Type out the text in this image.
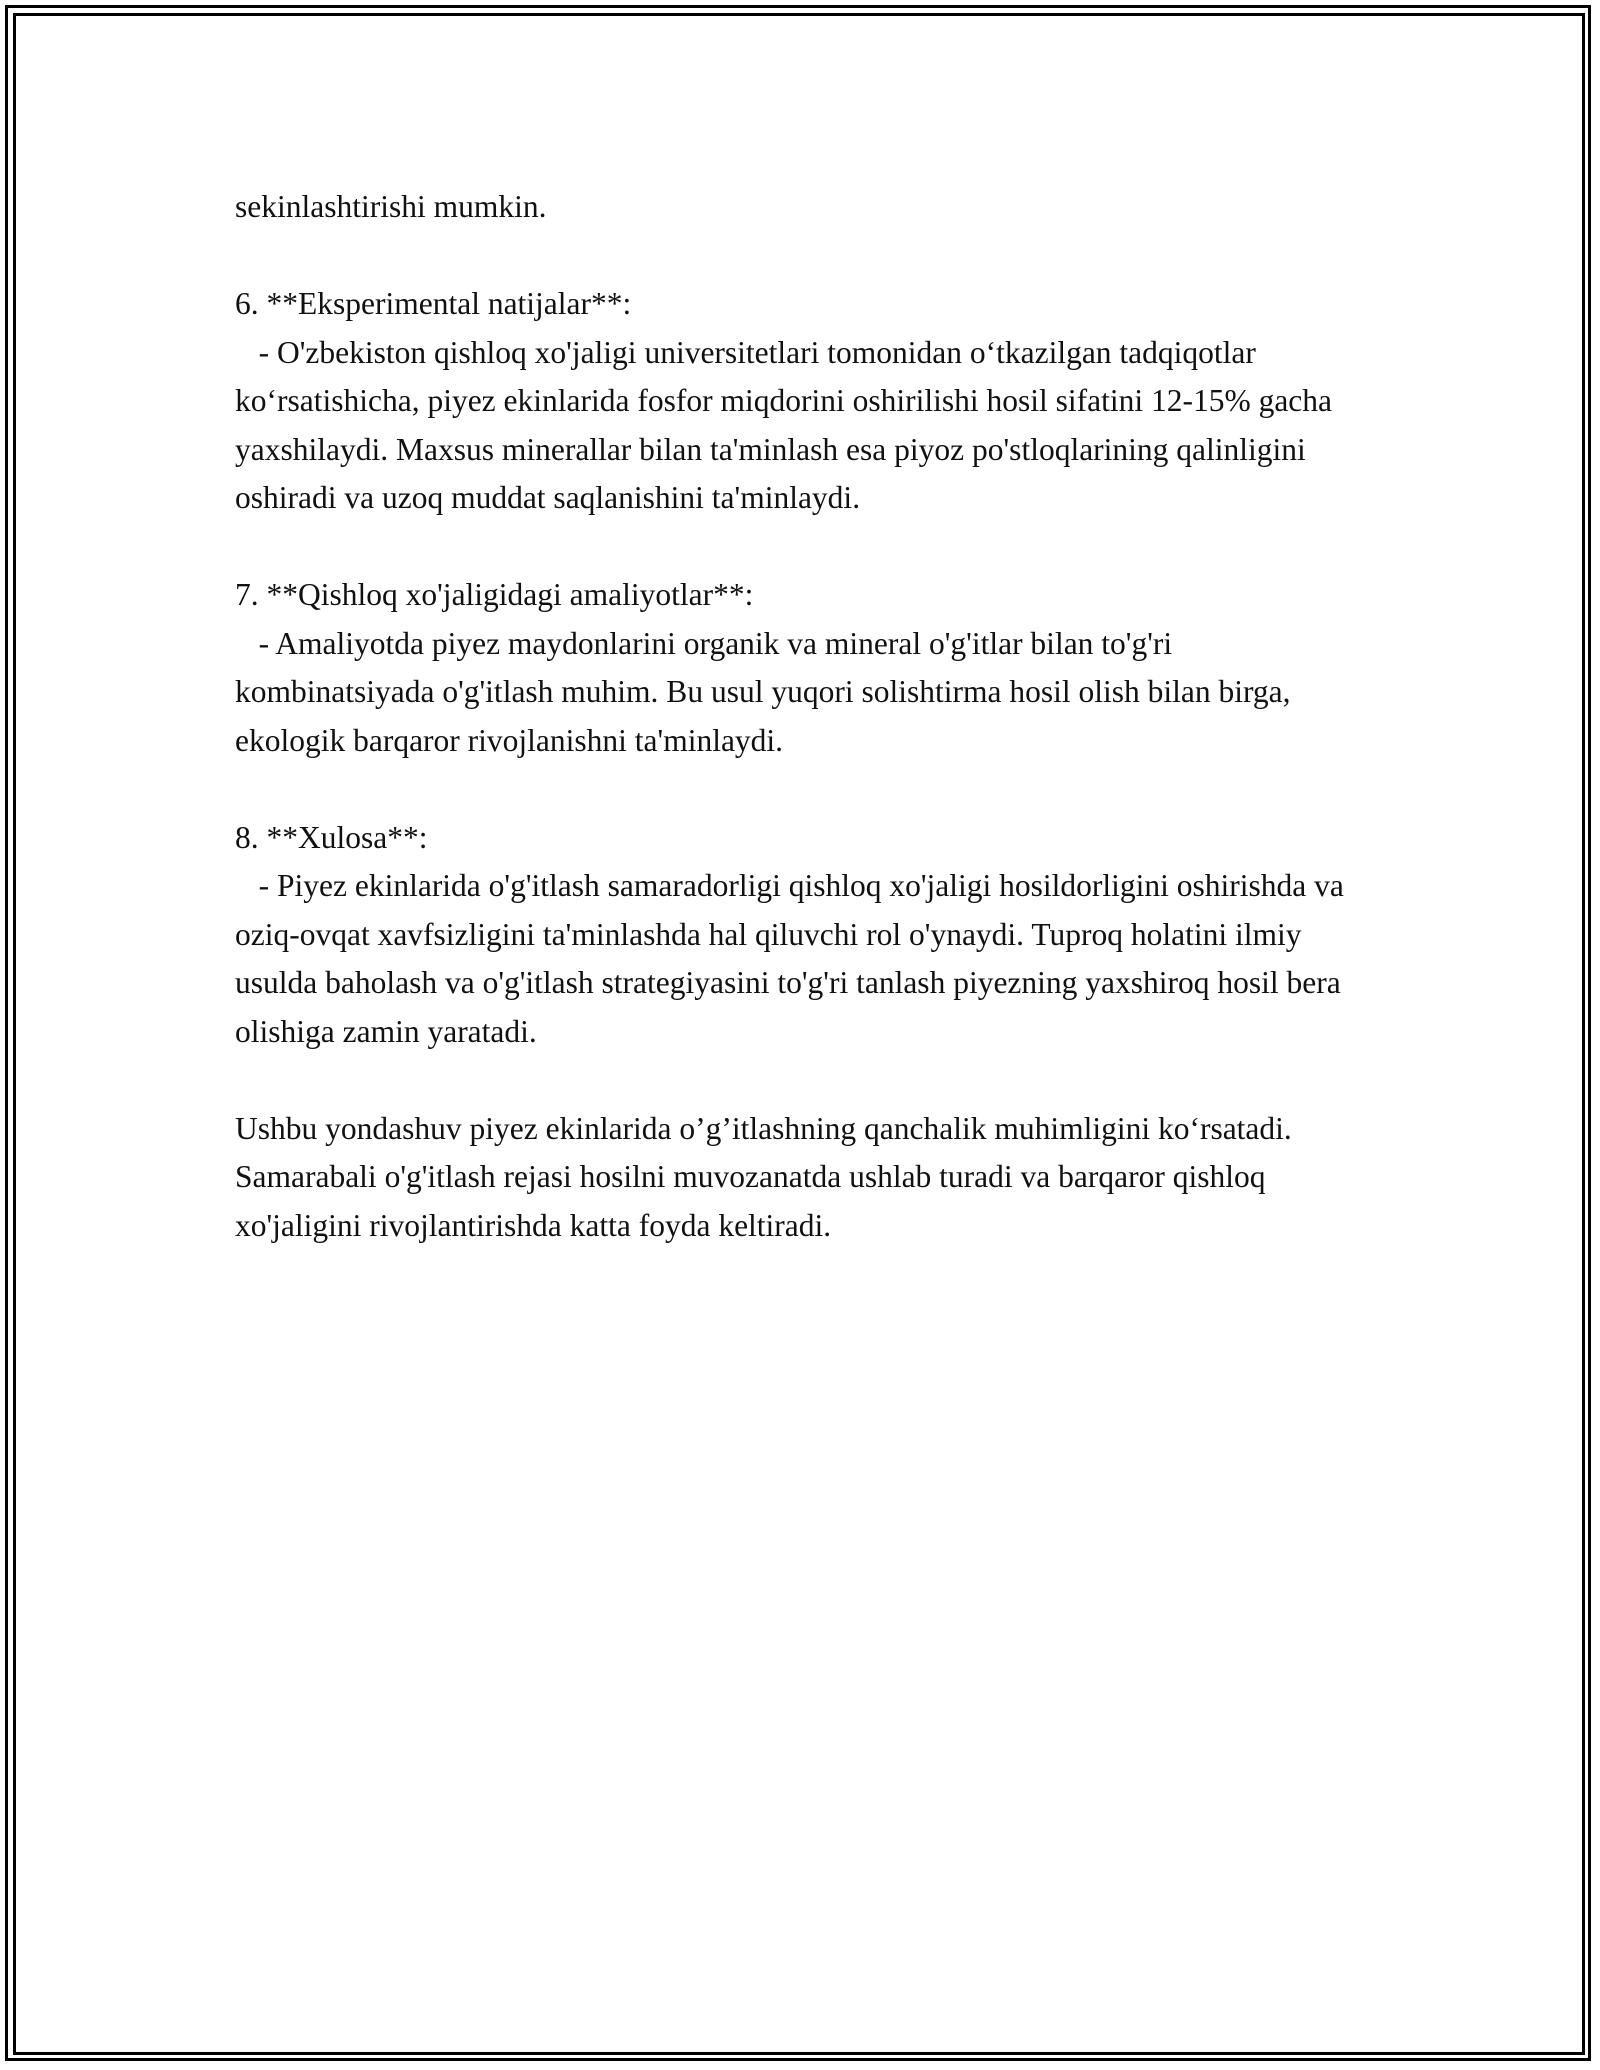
sekinlashtirishi mumkin.

6. **Eksperimental natijalar**:

- O'zbekiston qishloq xo'jaligi universitetlari tomonidan o‘tkazilgan tadqiqotlar ko‘rsatishicha, piyez ekinlarida fosfor miqdorini oshirilishi hosil sifatini 12-15% gacha yaxshilaydi. Maxsus minerallar bilan ta'minlash esa piyoz po'stloqlarining qalinligini oshiradi va uzoq muddat saqlanishini ta'minlaydi.

7. **Qishloq xo'jaligidagi amaliyotlar**:

- Amaliyotda piyez maydonlarini organik va mineral o'g'itlar bilan to'g'ri kombinatsiyada o'g'itlash muhim. Bu usul yuqori solishtirma hosil olish bilan birga, ekologik barqaror rivojlanishni ta'minlaydi.

8. **Xulosa**:

- Piyez ekinlarida o'g'itlash samaradorligi qishloq xo'jaligi hosildorligini oshirishda va oziq-ovqat xavfsizligini ta'minlashda hal qiluvchi rol o'ynaydi. Tuproq holatini ilmiy usulda baholash va o'g'itlash strategiyasini to'g'ri tanlash piyezning yaxshiroq hosil bera olishiga zamin yaratadi.

Ushbu yondashuv piyez ekinlarida o’g’itlashning qanchalik muhimligini ko‘rsatadi. Samarabali o'g'itlash rejasi hosilni muvozanatda ushlab turadi va barqaror qishloq xo'jaligini rivojlantirishda katta foyda keltiradi.
